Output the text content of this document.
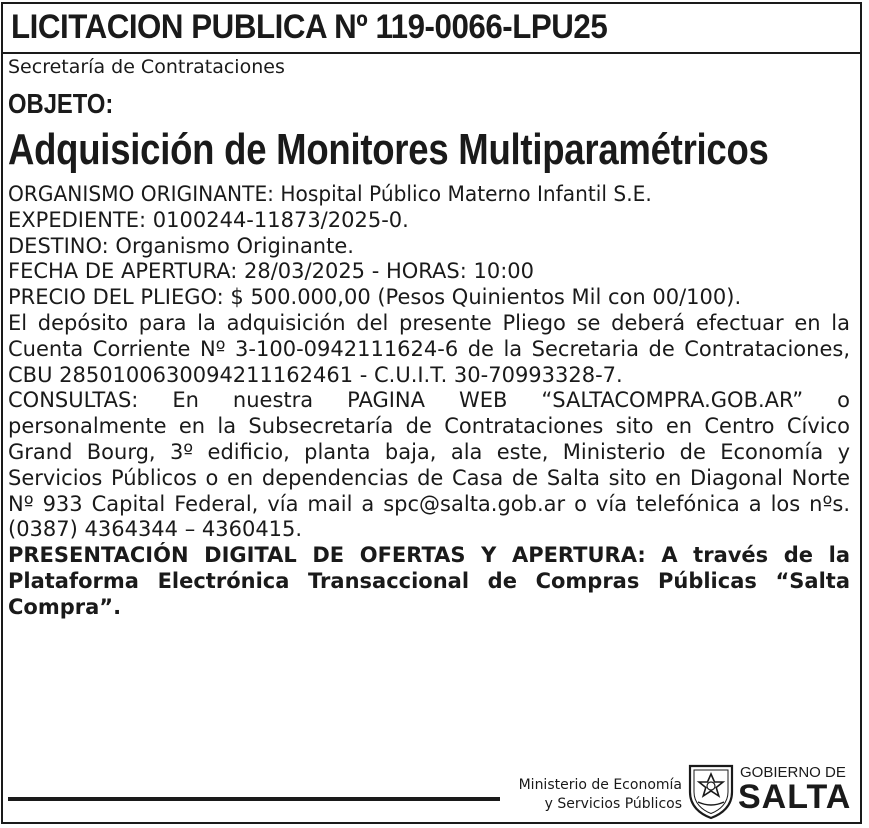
LICITACION PUBLICA Nº 119-0066-LPU25
Secretaría de Contrataciones
OBJETO:
Adquisición de Monitores Multiparamétricos

ORGANISMO ORIGINANTE: Hospital Público Materno Infantil S.E.

EXPEDIENTE: 0100244-11873/2025-0.

DESTINO: Organismo Originante.

FECHA DE APERTURA: 28/03/2025 - HORAS: 10:00

PRECIO DEL PLIEGO: $ 500.000,00 (Pesos Quinientos Mil con 00/100).

El depósito para la adquisición del presente Pliego se deberá efectuar en la Cuenta Corriente Nº 3-100-0942111624-6 de la Secretaria de Contrataciones, CBU 2850100630094211162461 - C.U.I.T. 30-70993328-7.

CONSULTAS: En nuestra PAGINA WEB “SALTACOMPRA.GOB.AR” o personalmente en la Subsecretaría de Contrataciones sito en Centro Cívico Grand Bourg, 3º edificio, planta baja, ala este, Ministerio de Economía y Servicios Públicos o en dependencias de Casa de Salta sito en Diagonal Norte Nº 933 Capital Federal, vía mail a spc@salta.gob.ar o vía telefónica a los nºs. (0387) 4364344 – 4360415.

PRESENTACIÓN DIGITAL DE OFERTAS Y APERTURA: A través de la Plataforma Electrónica Transaccional de Compras Públicas “Salta Compra”.

Ministerio de Economía
y Servicios Públicos
GOBIERNO DE
SALTA
